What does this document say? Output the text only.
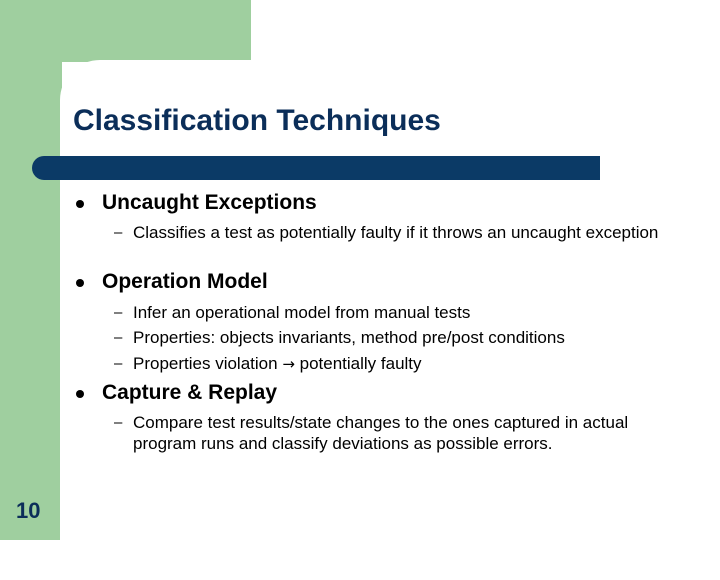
Classification Techniques
Uncaught Exceptions
– Classifies a test as potentially faulty if it throws an uncaught exception
Operation Model
– Infer an operational model from manual tests
– Properties: objects invariants, method pre/post conditions
– Properties violation → potentially faulty
Capture & Replay
– Compare test results/state changes to the ones captured in actual program runs and classify deviations as possible errors.
10
